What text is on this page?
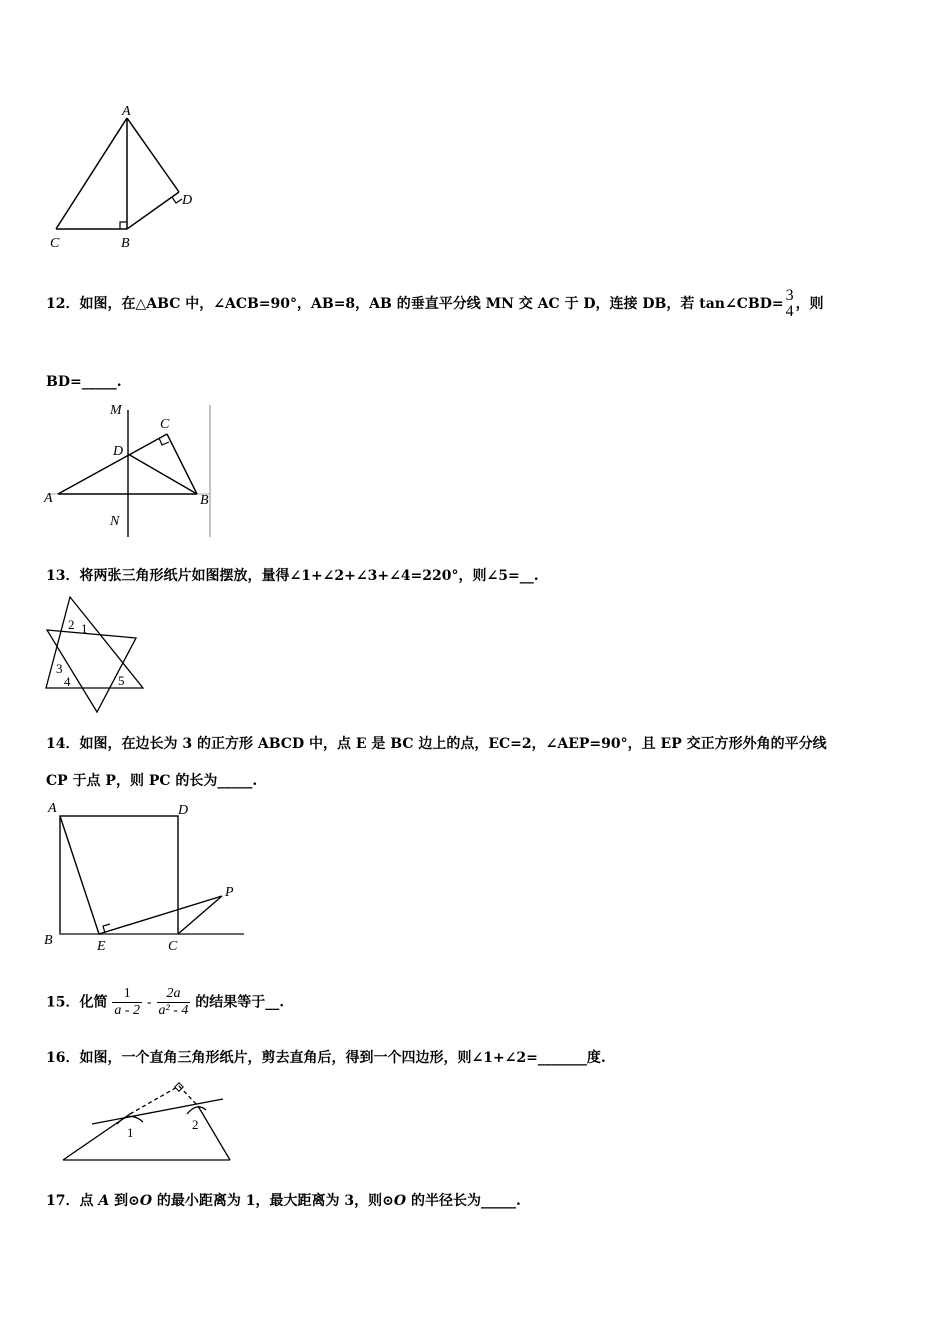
A
C	B
D
12．如图，在△ABC 中，∠ACB=90°，AB=8，AB 的垂直平分线 MN 交 AC 于 D，连接 DB，若 tan∠CBD= 3
4 ，则
BD=_____.
M
C
D
A	B
N
13．将两张三角形纸片如图摆放，量得∠1+∠2+∠3+∠4=220°，则∠5=__.
2 1
3
4	5
14．如图，在边长为 3 的正方形 ABCD 中，点 E 是 BC 边上的点，EC=2，∠AEP=90°，且 EP 交正方形外角的平分线
CP 于点 P，则 PC 的长为_____.
A	D
B	E	C
P
15．化简 $\frac{1}{a - 2} - \frac{2a}{\text{a² - 4}}$ 的结果等于__.
16．如图，一个直角三角形纸片，剪去直角后，得到一个四边形，则∠1+∠2=_______度.
1
2
17．点 A 到⊙O 的最小距离为 1，最大距离为 3，则⊙O 的半径长为_____.
